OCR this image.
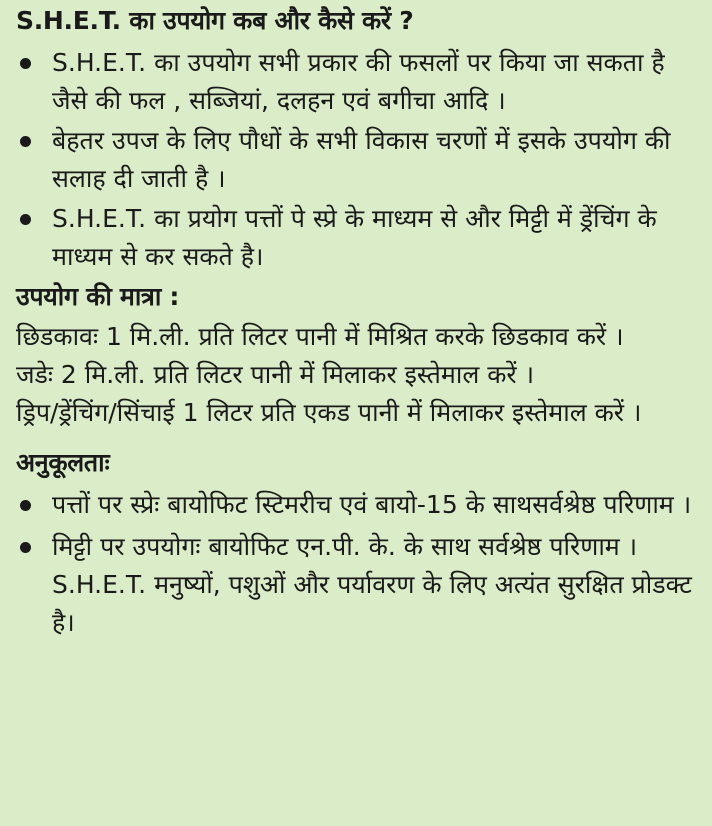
S.H.E.T. का उपयोग कब और कैसे करें ?
S.H.E.T. का उपयोग सभी प्रकार की फसलों पर किया जा सकता है जैसे की फल , सब्जियां, दलहन एवं बगीचा आदि ।
बेहतर उपज के लिए पौधों के सभी विकास चरणों में इसके उपयोग की सलाह दी जाती है ।
S.H.E.T. का प्रयोग पत्तों पे स्प्रे के माध्यम से और मिट्टी में ड्रेंचिंग के माध्यम से कर सकते है।
उपयोग की मात्रा :

छिडकावः 1 मि.ली. प्रति लिटर पानी में मिश्रित करके छिडकाव करें ।

जडेः 2 मि.ली. प्रति लिटर पानी में मिलाकर इस्तेमाल करें ।

ड्रिप/ड्रेंचिंग/सिंचाई 1 लिटर प्रति एकड पानी में मिलाकर इस्तेमाल करें ।

अनुकूलताः
पत्तों पर स्प्रेः बायोफिट स्टिमरीच एवं बायो-15 के साथसर्वश्रेष्ठ परिणाम ।
मिट्टी पर उपयोगः बायोफिट एन.पी. के. के साथ सर्वश्रेष्ठ परिणाम । S.H.E.T. मनुष्यों, पशुओं और पर्यावरण के लिए अत्यंत सुरक्षित प्रोडक्ट है।
